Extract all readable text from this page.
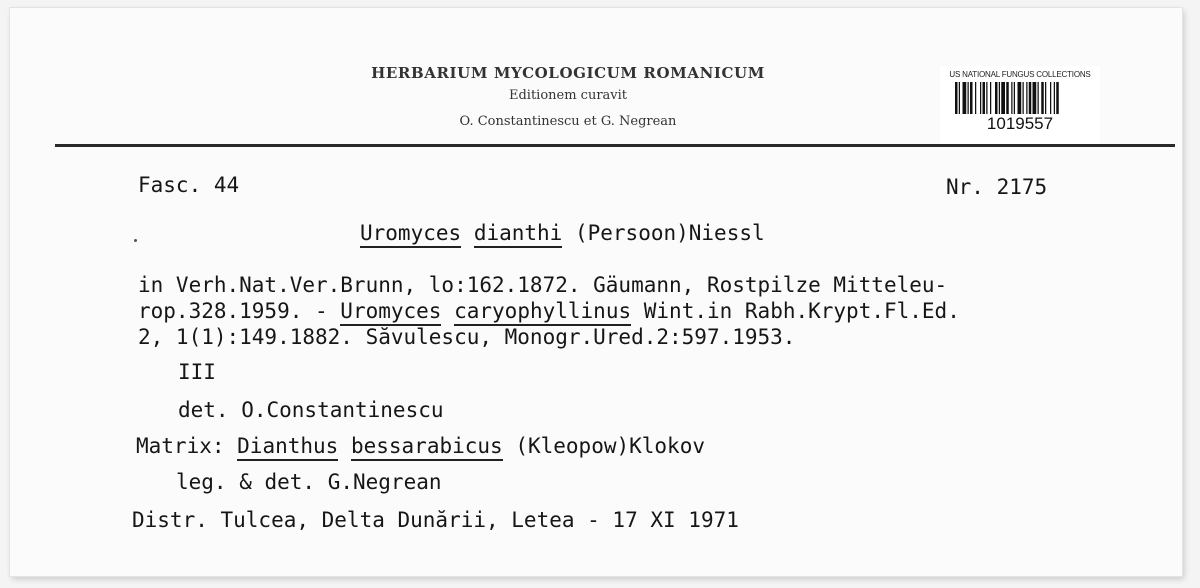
HERBARIUM MYCOLOGICUM ROMANICUM
Editionem curavit
O. Constantinescu et G. Negrean
US NATIONAL FUNGUS COLLECTIONS
1019557
Fasc. 44	Nr. 2175
Uromyces dianthi (Persoon)Niessl
in Verh.Nat.Ver.Brunn, lo:162.1872. Gäumann, Rostpilze Mitteleu-
rop.328.1959. - Uromyces caryophyllinus Wint.in Rabh.Krypt.Fl.Ed.
2, 1(1):149.1882. Săvulescu, Monogr.Ured.2:597.1953.
III
det. O.Constantinescu
Matrix: Dianthus bessarabicus (Kleopow)Klokov
leg. & det. G.Negrean
Distr. Tulcea, Delta Dunării, Letea - 17 XI 1971
